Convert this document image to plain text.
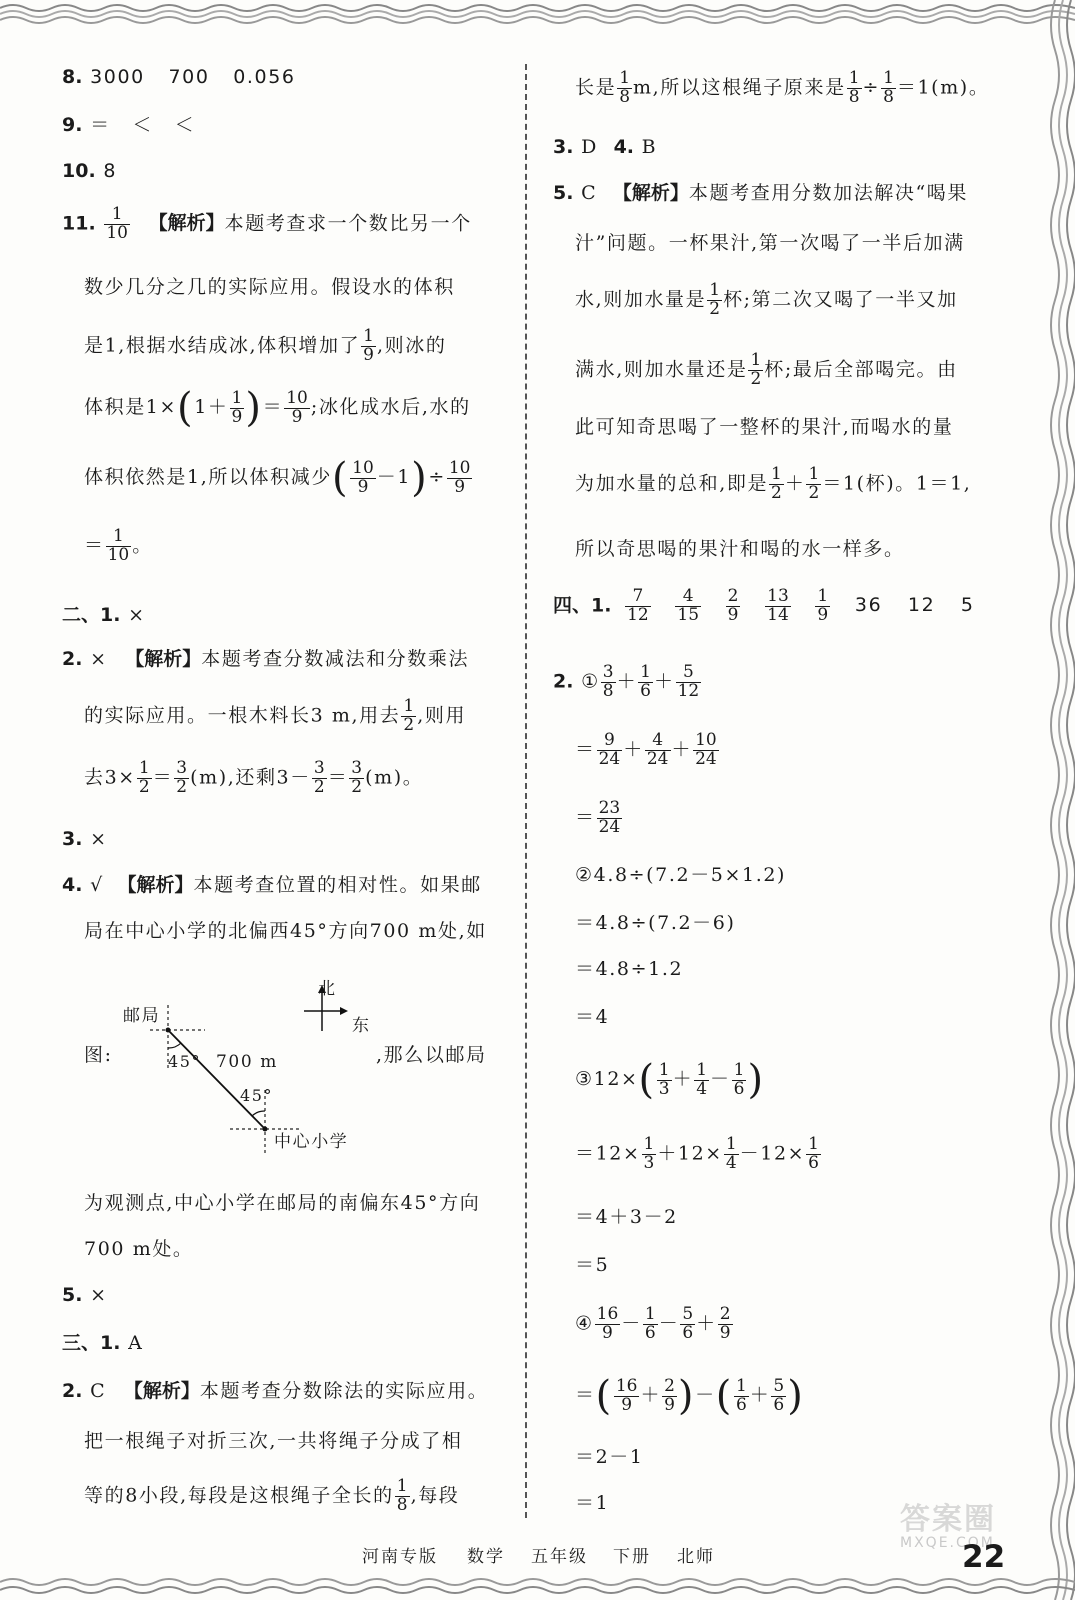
8. 3000 700 0.056
9. ＝ ＜ ＜
10. 8
11. $\frac{1}{10}$ 【解析】本题考查求一个数比另一个
数少几分之几的实际应用。假设水的体积
是1,根据水结成冰,体积增加了 $\frac{1}{9}$ ,则冰的
体积是$1\times(1+ \frac{1}{9}$ )＝ $\frac{10}{9}$ ;冰化成水后,水的
体积依然是1,所以体积减少( $\frac{10}{9} -1)\div \frac{10}{9}$
＝ $\frac{1}{10}$ 。
二、1. ×
2. × 【解析】本题考查分数减法和分数乘法
的实际应用。一根木料长3 m,用去 $\frac{1}{2}$ ,则用
去$3\times \frac{1}{2} = \frac{3}{2} (m)$,还剩$3- \frac{3}{2} = \frac{3}{2} (m)$。
3. ×
4. √ 【解析】本题考查位置的相对性。如果邮
局在中心小学的北偏西45°方向700 m处,如
图:	,那么以邮局
邮局
北
东
45° 700 m
45°
中心小学
为观测点,中心小学在邮局的南偏东45°方向
700 m处。
5. ×
三、1. A
2. C 【解析】本题考查分数除法的实际应用。
把一根绳子对折三次,一共将绳子分成了相
等的8小段,每段是这根绳子全长的 $\frac{1}{8}$ ,每段
长是 $\frac{1}{8} m$,所以这根绳子原来是 $\frac{1}{8} \div \frac{1}{8} =1(m)$。
3. D 4. B
5. C 【解析】本题考查用分数加法解决“喝果
汁”问题。一杯果汁,第一次喝了一半后加满
水,则加水量是 $\frac{1}{2}$ 杯;第二次又喝了一半又加
满水,则加水量还是 $\frac{1}{2}$ 杯;最后全部喝完。由
此可知奇思喝了一整杯的果汁,而喝水的量
为加水量的总和,即是 $\frac{1}{2} + \frac{1}{2} =1$(杯)。1＝1,
所以奇思喝的果汁和喝的水一样多。
四、1. $\frac{7}{12}$
$\frac{4}{15}$
$\frac{2}{9}$
$\frac{13}{14}$
$\frac{1}{9} 36$ 12 5
2. ① $\frac{3}{8} + \frac{1}{6} + \frac{5}{12}$
＝ $\frac{9}{24} + \frac{4}{24} + \frac{10}{24}$
＝ $\frac{23}{24}$
②4.8÷(7.2－5×1.2)
＝4.8÷(7.2－6)
＝4.8÷1.2
＝4
③12×( $\frac{1}{3} + \frac{1}{4} - \frac{1}{6}$ )
$=12\times \frac{1}{3} +12\times \frac{1}{4} -12\times \frac{1}{6}$
＝4＋3－2
＝5
④ $\frac{16}{9} - \frac{1}{6} - \frac{5}{6} + \frac{2}{9}$
＝( $\frac{16}{9} + \frac{2}{9}$ )－( $\frac{1}{6} + \frac{5}{6}$ )
＝2－1
＝1
河南专版 数学 五年级 下册 北师
答案圈
MXQE.COM
22
